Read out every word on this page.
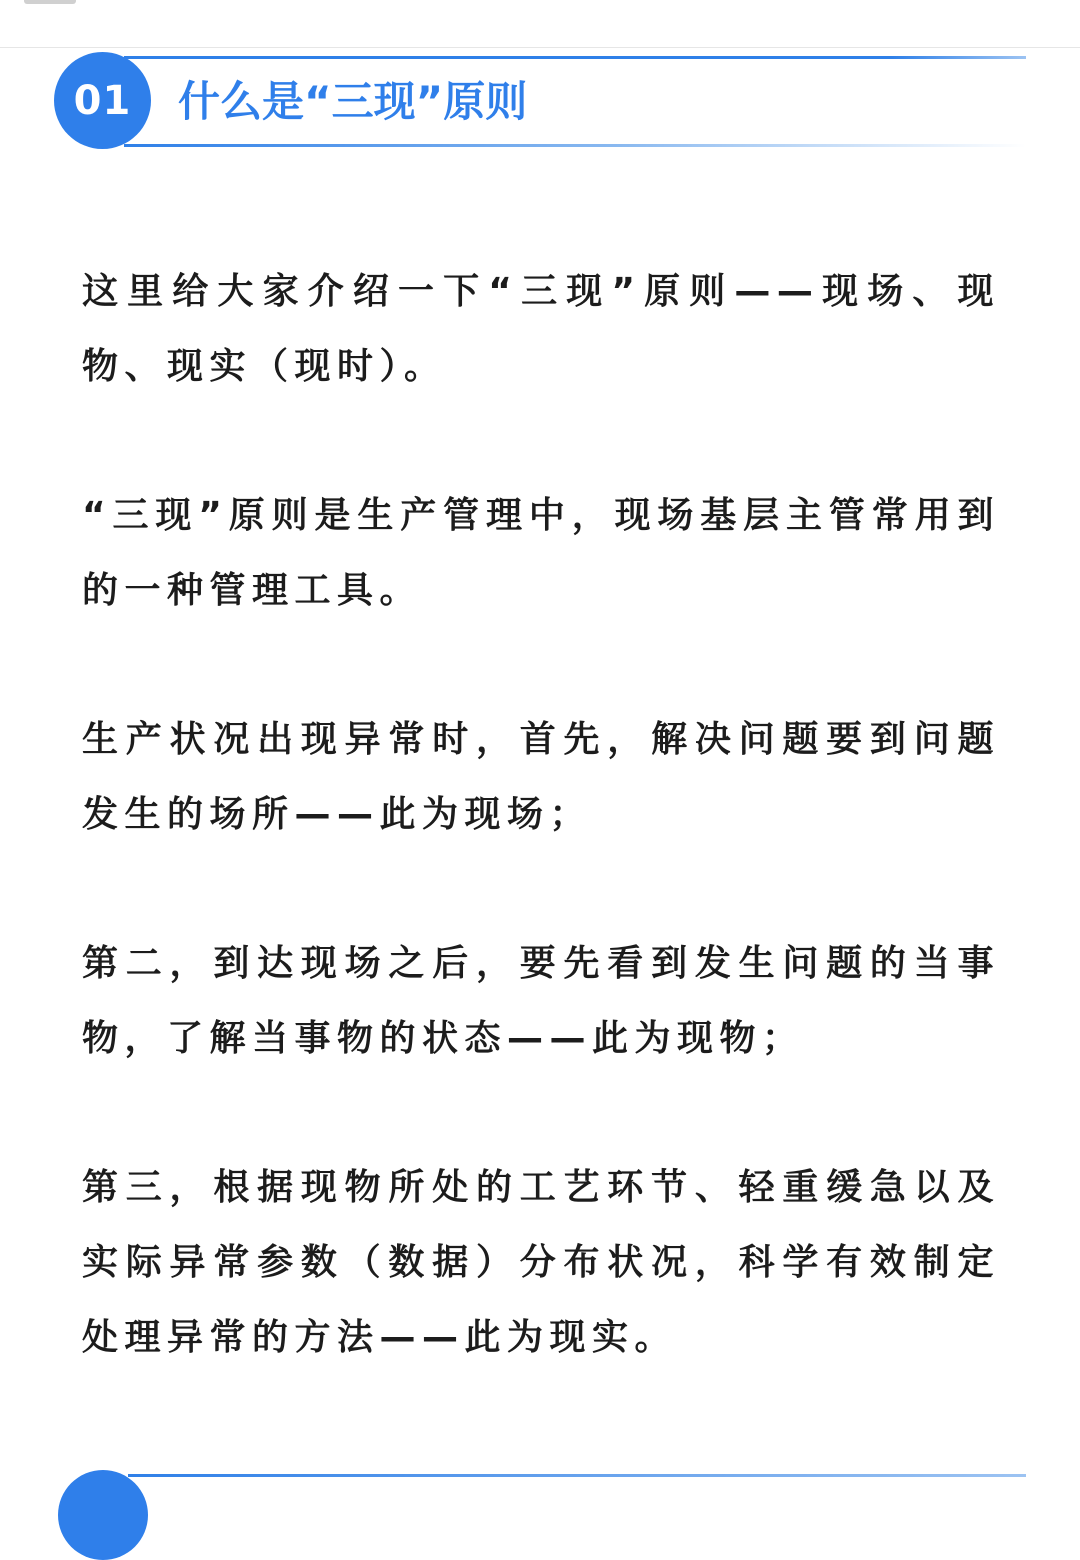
01	什么是“三现”原则

这里给大家介绍一下“三现”原则——现场、现物、现实（现时）。

“三现”原则是生产管理中，现场基层主管常用到的一种管理工具。

生产状况出现异常时，首先，解决问题要到问题发生的场所——此为现场；

第二，到达现场之后，要先看到发生问题的当事物，了解当事物的状态——此为现物；

第三，根据现物所处的工艺环节、轻重缓急以及实际异常参数（数据）分布状况，科学有效制定处理异常的方法——此为现实。
